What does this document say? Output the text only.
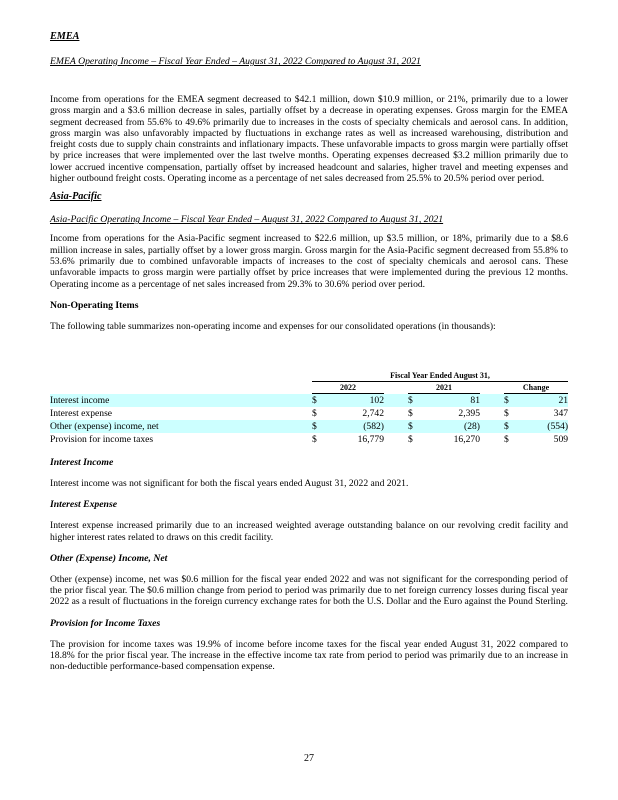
EMEA

EMEA Operating Income – Fiscal Year Ended – August 31, 2022 Compared to August 31, 2021

Income from operations for the EMEA segment decreased to $42.1 million, down $10.9 million, or 21%, primarily due to a lower gross margin and a $3.6 million decrease in sales, partially offset by a decrease in operating expenses. Gross margin for the EMEA segment decreased from 55.6% to 49.6% primarily due to increases in the costs of specialty chemicals and aerosol cans. In addition, gross margin was also unfavorably impacted by fluctuations in exchange rates as well as increased warehousing, distribution and freight costs due to supply chain constraints and inflationary impacts. These unfavorable impacts to gross margin were partially offset by price increases that were implemented over the last twelve months. Operating expenses decreased $3.2 million primarily due to lower accrued incentive compensation, partially offset by increased headcount and salaries, higher travel and meeting expenses and higher outbound freight costs. Operating income as a percentage of net sales decreased from 25.5% to 20.5% period over period.

Asia-Pacific

Asia-Pacific Operating Income – Fiscal Year Ended – August 31, 2022 Compared to August 31, 2021

Income from operations for the Asia-Pacific segment increased to $22.6 million, up $3.5 million, or 18%, primarily due to a $8.6 million increase in sales, partially offset by a lower gross margin. Gross margin for the Asia-Pacific segment decreased from 55.8% to 53.6% primarily due to combined unfavorable impacts of increases to the cost of specialty chemicals and aerosol cans. These unfavorable impacts to gross margin were partially offset by price increases that were implemented during the previous 12 months. Operating income as a percentage of net sales increased from 29.3% to 30.6% period over period.

Non-Operating Items

The following table summarizes non-operating income and expenses for our consolidated operations (in thousands):

	Fiscal Year Ended August 31,							
	2022			2021			Change	
Interest income	$	102		$	81		$	21
Interest expense	$	2,742		$	2,395		$	347
Other (expense) income, net	$	(582)		$	(28)		$	(554)
Provision for income taxes	$	16,779		$	16,270		$	509

Interest Income

Interest income was not significant for both the fiscal years ended August 31, 2022 and 2021.

Interest Expense

Interest expense increased primarily due to an increased weighted average outstanding balance on our revolving credit facility and higher interest rates related to draws on this credit facility.

Other (Expense) Income, Net

Other (expense) income, net was $0.6 million for the fiscal year ended 2022 and was not significant for the corresponding period of the prior fiscal year. The $0.6 million change from period to period was primarily due to net foreign currency losses during fiscal year 2022 as a result of fluctuations in the foreign currency exchange rates for both the U.S. Dollar and the Euro against the Pound Sterling.

Provision for Income Taxes

The provision for income taxes was 19.9% of income before income taxes for the fiscal year ended August 31, 2022 compared to 18.8% for the prior fiscal year. The increase in the effective income tax rate from period to period was primarily due to an increase in non-deductible performance-based compensation expense.

27
